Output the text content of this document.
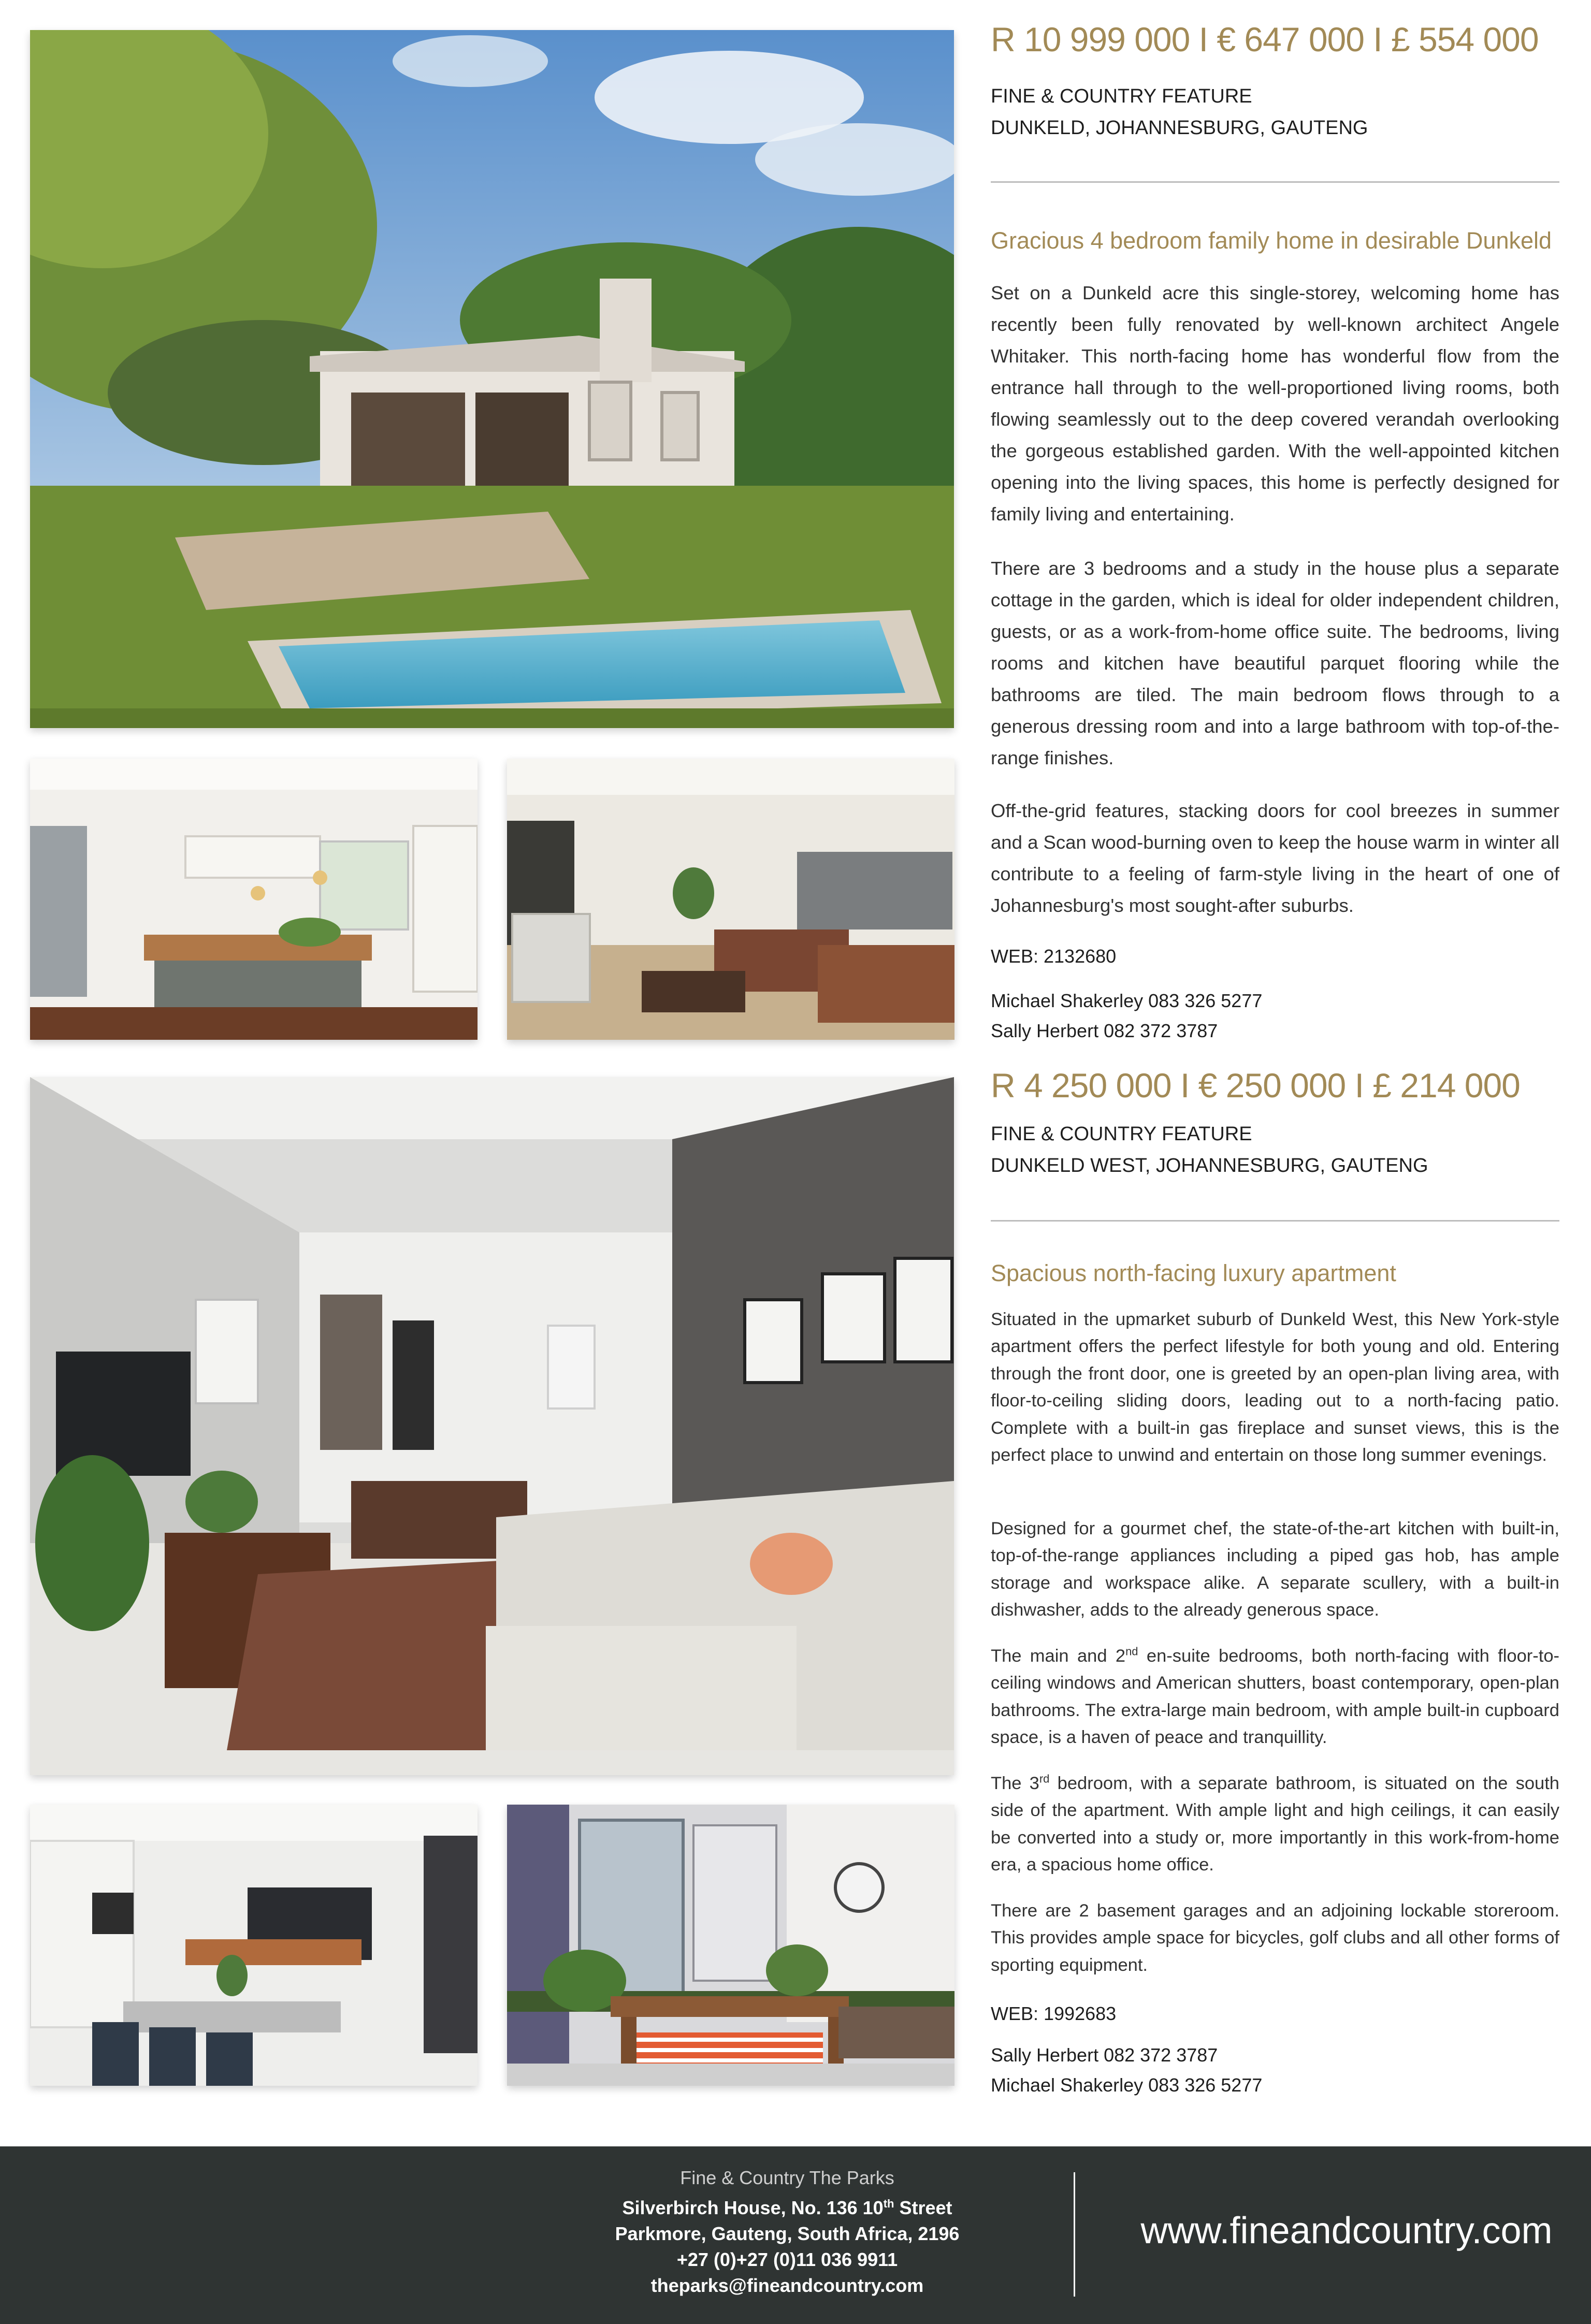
R 10 999 000 I € 647 000 I £ 554 000
FINE & COUNTRY FEATURE
DUNKELD, JOHANNESBURG, GAUTENG
Gracious 4 bedroom family home in desirable Dunkeld

Set on a Dunkeld acre this single-storey, welcoming home has recently been fully renovated by well-known architect Angele Whitaker. This north-facing home has wonderful flow from the entrance hall through to the well-proportioned living rooms, both flowing seamlessly out to the deep covered verandah overlooking the gorgeous established garden. With the well-appointed kitchen opening into the living spaces, this home is perfectly designed for family living and entertaining.

There are 3 bedrooms and a study in the house plus a separate cottage in the garden, which is ideal for older independent children, guests, or as a work-from-home office suite. The bedrooms, living rooms and kitchen have beautiful parquet flooring while the bathrooms are tiled. The main bedroom flows through to a generous dressing room and into a large bathroom with top-of-the-range finishes.

Off-the-grid features, stacking doors for cool breezes in summer and a Scan wood-burning oven to keep the house warm in winter all contribute to a feeling of farm-style living in the heart of one of Johannesburg's most sought-after suburbs.

WEB: 2132680
Michael Shakerley 083 326 5277
Sally Herbert 082 372 3787
R 4 250 000 I € 250 000 I £ 214 000
FINE & COUNTRY FEATURE
DUNKELD WEST, JOHANNESBURG, GAUTENG
Spacious north-facing luxury apartment

Situated in the upmarket suburb of Dunkeld West, this New York-style apartment offers the perfect lifestyle for both young and old. Entering through the front door, one is greeted by an open-plan living area, with floor-to-ceiling sliding doors, leading out to a north-facing patio. Complete with a built-in gas fireplace and sunset views, this is the perfect place to unwind and entertain on those long summer evenings.

Designed for a gourmet chef, the state-of-the-art kitchen with built-in, top-of-the-range appliances including a piped gas hob, has ample storage and workspace alike. A separate scullery, with a built-in dishwasher, adds to the already generous space.

The main and 2nd en-suite bedrooms, both north-facing with floor-to-ceiling windows and American shutters, boast contemporary, open-plan bathrooms. The extra-large main bedroom, with ample built-in cupboard space, is a haven of peace and tranquillity.

The 3rd bedroom, with a separate bathroom, is situated on the south side of the apartment. With ample light and high ceilings, it can easily be converted into a study or, more importantly in this work-from-home era, a spacious home office.

There are 2 basement garages and an adjoining lockable storeroom. This provides ample space for bicycles, golf clubs and all other forms of sporting equipment.

WEB: 1992683
Sally Herbert 082 372 3787
Michael Shakerley 083 326 5277
Fine & Country The Parks
Silverbirch House, No. 136 10th Street
Parkmore, Gauteng, South Africa, 2196
+27 (0)+27 (0)11 036 9911
theparks@fineandcountry.com
www.fineandcountry.com
